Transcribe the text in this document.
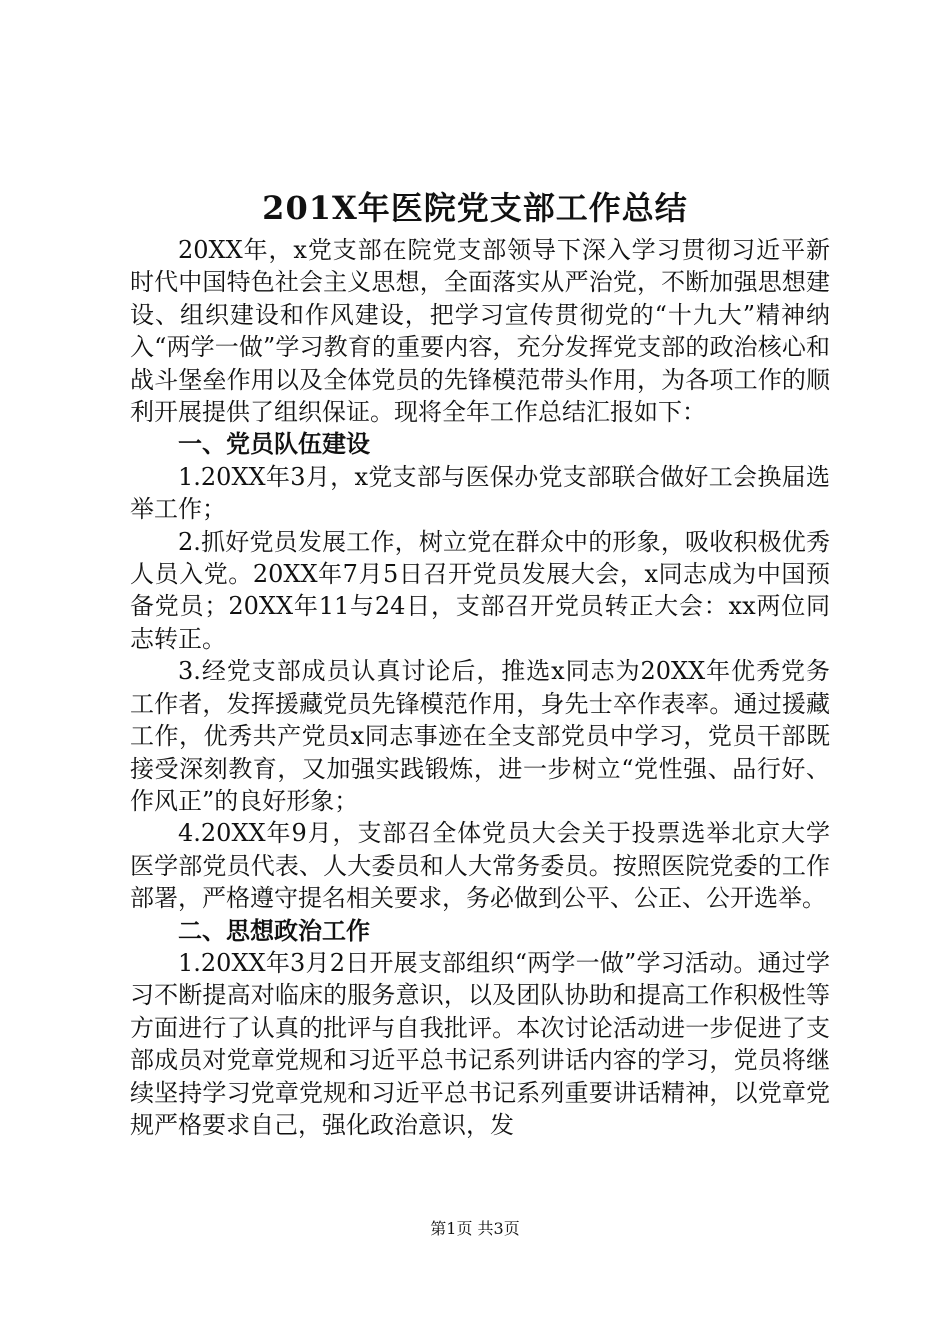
201X年医院党支部工作总结

20XX年，x党支部在院党支部领导下深入学习贯彻习近平新时代中国特色社会主义思想，全面落实从严治党，不断加强思想建设、组织建设和作风建设，把学习宣传贯彻党的“十九大”精神纳入“两学一做”学习教育的重要内容，充分发挥党支部的政治核心和战斗堡垒作用以及全体党员的先锋模范带头作用，为各项工作的顺利开展提供了组织保证。现将全年工作总结汇报如下：

一、党员队伍建设

1.20XX年3月，x党支部与医保办党支部联合做好工会换届选举工作；

2.抓好党员发展工作，树立党在群众中的形象，吸收积极优秀人员入党。20XX年7月5日召开党员发展大会，x同志成为中国预备党员；20XX年11与24日，支部召开党员转正大会：xx两位同志转正。

3.经党支部成员认真讨论后，推选x同志为20XX年优秀党务工作者，发挥援藏党员先锋模范作用，身先士卒作表率。通过援藏工作，优秀共产党员x同志事迹在全支部党员中学习，党员干部既接受深刻教育，又加强实践锻炼，进一步树立“党性强、品行好、作风正”的良好形象；

4.20XX年9月，支部召全体党员大会关于投票选举北京大学医学部党员代表、人大委员和人大常务委员。按照医院党委的工作部署，严格遵守提名相关要求，务必做到公平、公正、公开选举。

二、思想政治工作

1.20XX年3月2日开展支部组织“两学一做”学习活动。通过学习不断提高对临床的服务意识，以及团队协助和提高工作积极性等方面进行了认真的批评与自我批评。本次讨论活动进一步促进了支部成员对党章党规和习近平总书记系列讲话内容的学习，党员将继续坚持学习党章党规和习近平总书记系列重要讲话精神，以党章党规严格要求自己，强化政治意识，发

第1页 共3页
